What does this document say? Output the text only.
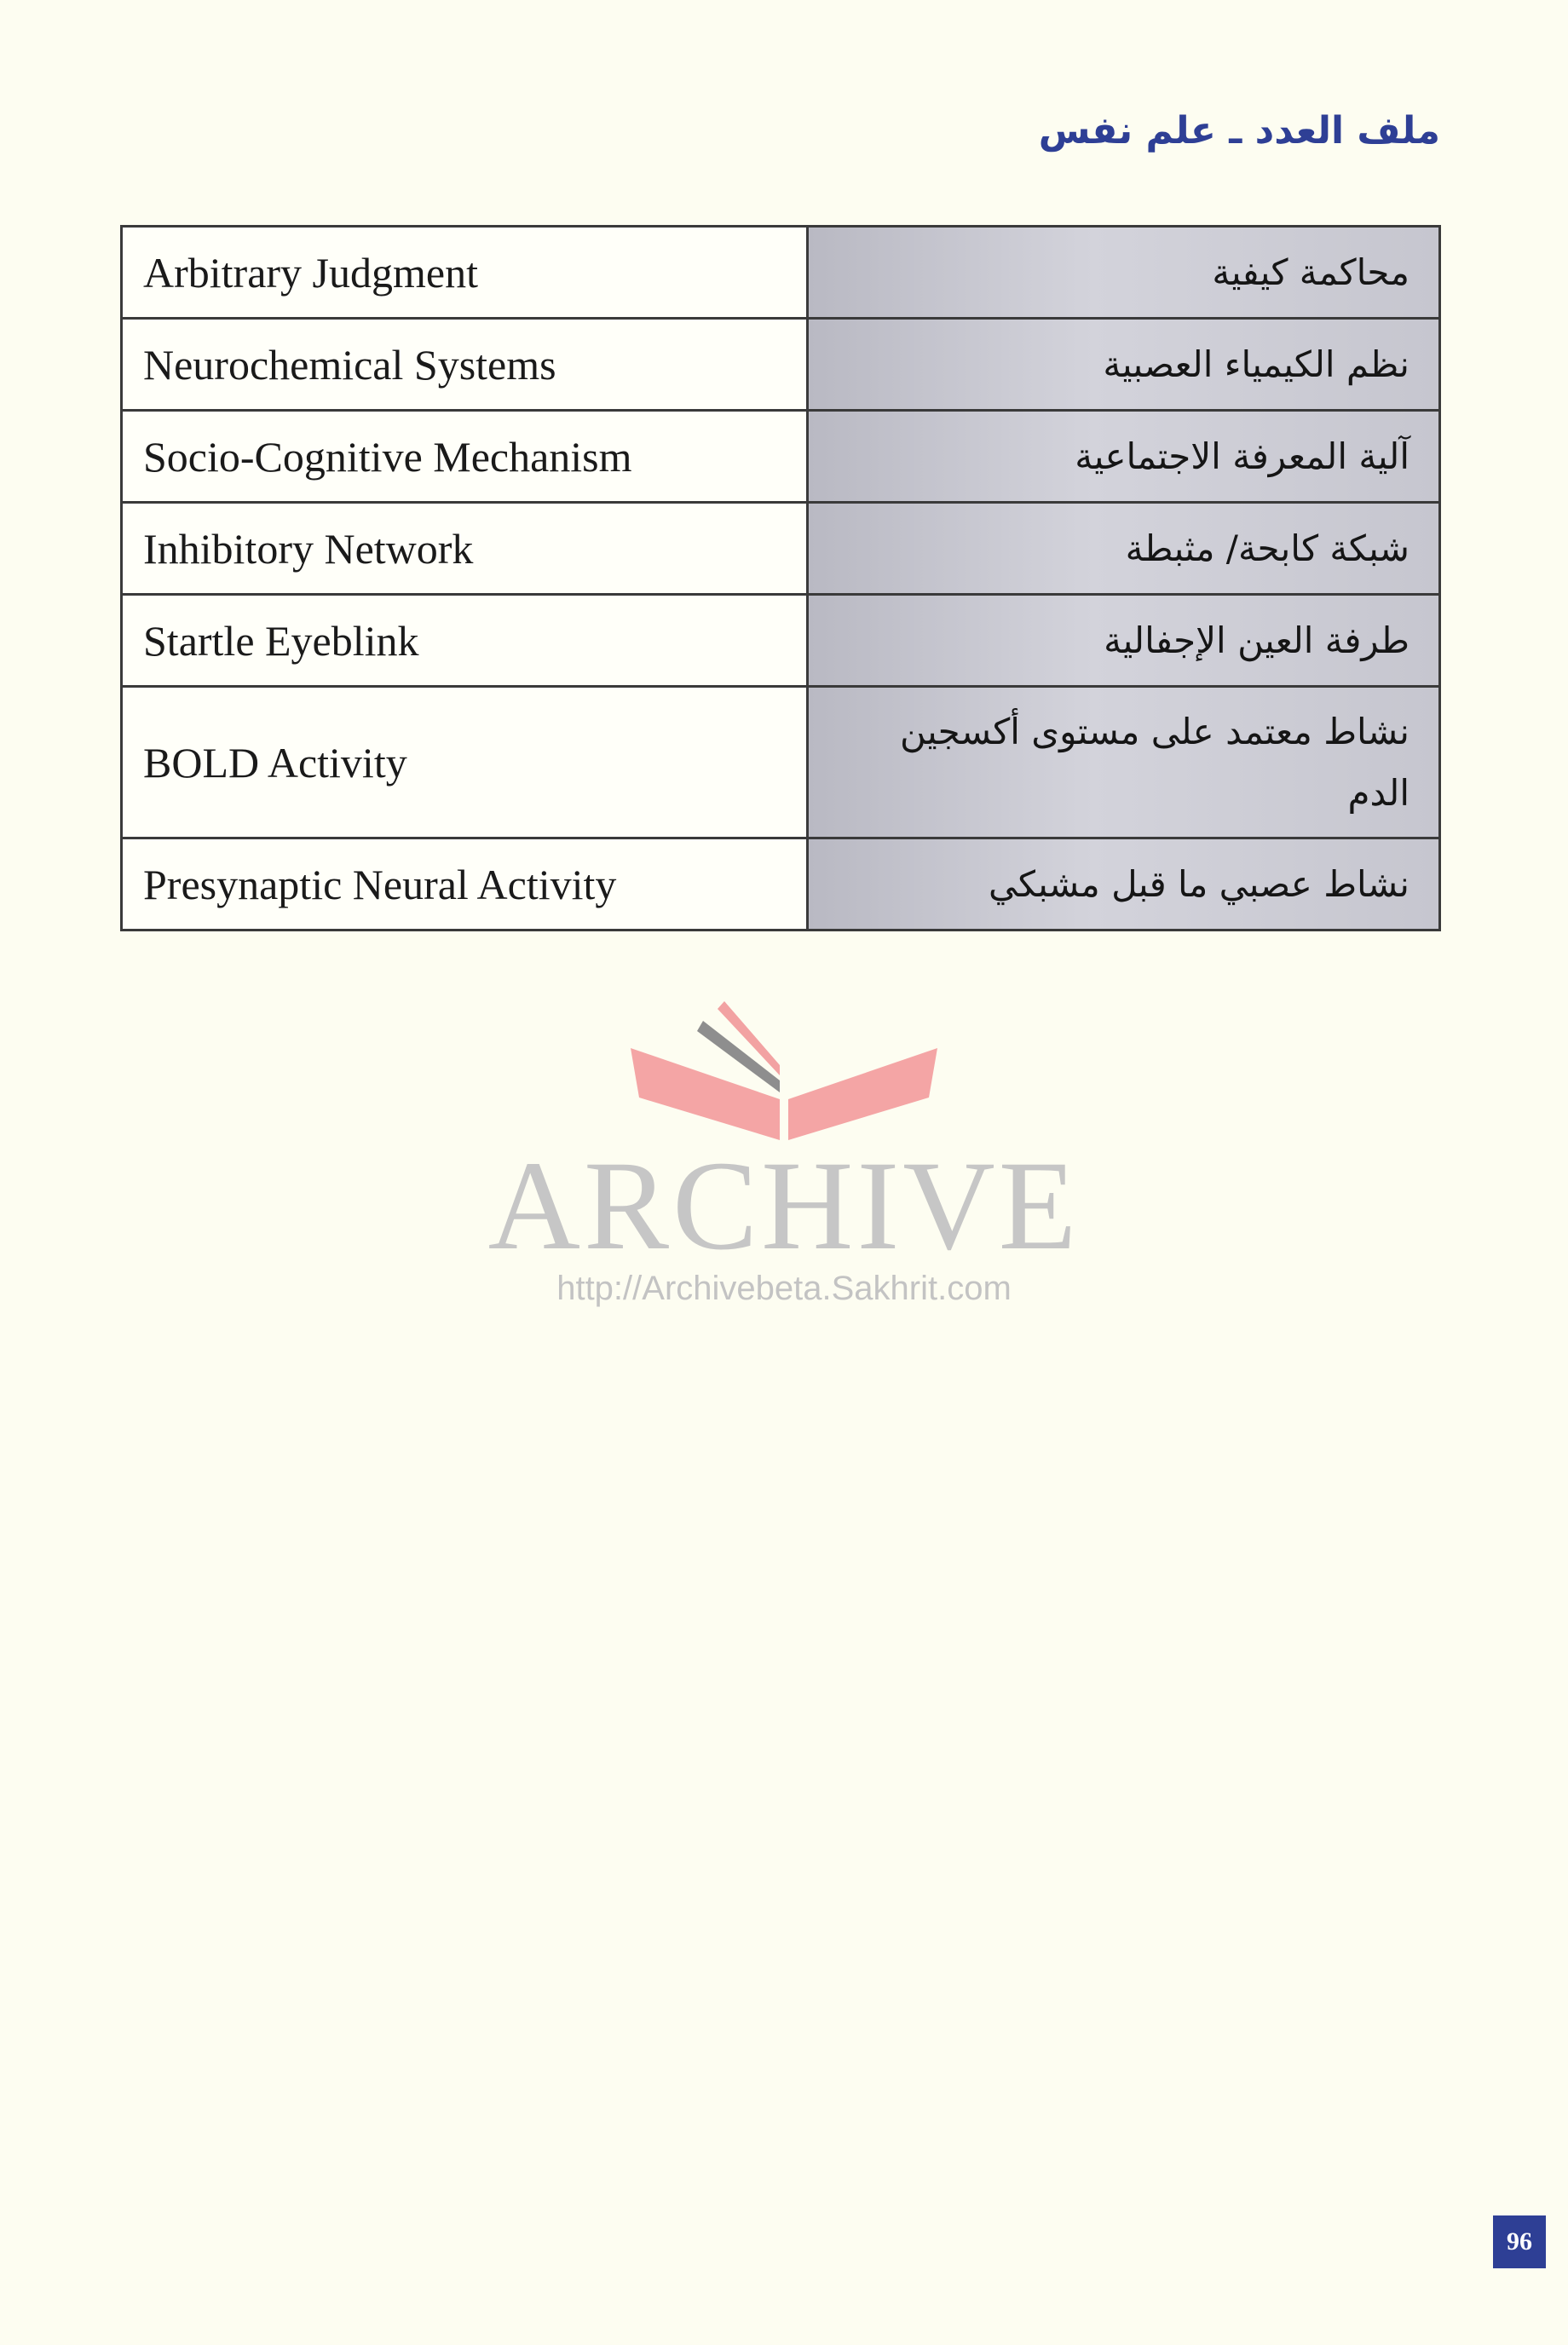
ملف العدد ـ علم نفس
Arbitrary Judgment	محاكمة كيفية
Neurochemical Systems	نظم الكيمياء العصبية
Socio-Cognitive Mechanism	آلية المعرفة الاجتماعية
Inhibitory Network	شبكة كابحة/ مثبطة
Startle Eyeblink	طرفة العين الإجفالية
BOLD Activity	نشاط معتمد على مستوى أكسجين الدم
Presynaptic Neural Activity	نشاط عصبي ما قبل مشبكي
ARCHIVE
http://Archivebeta.Sakhrit.com
96
